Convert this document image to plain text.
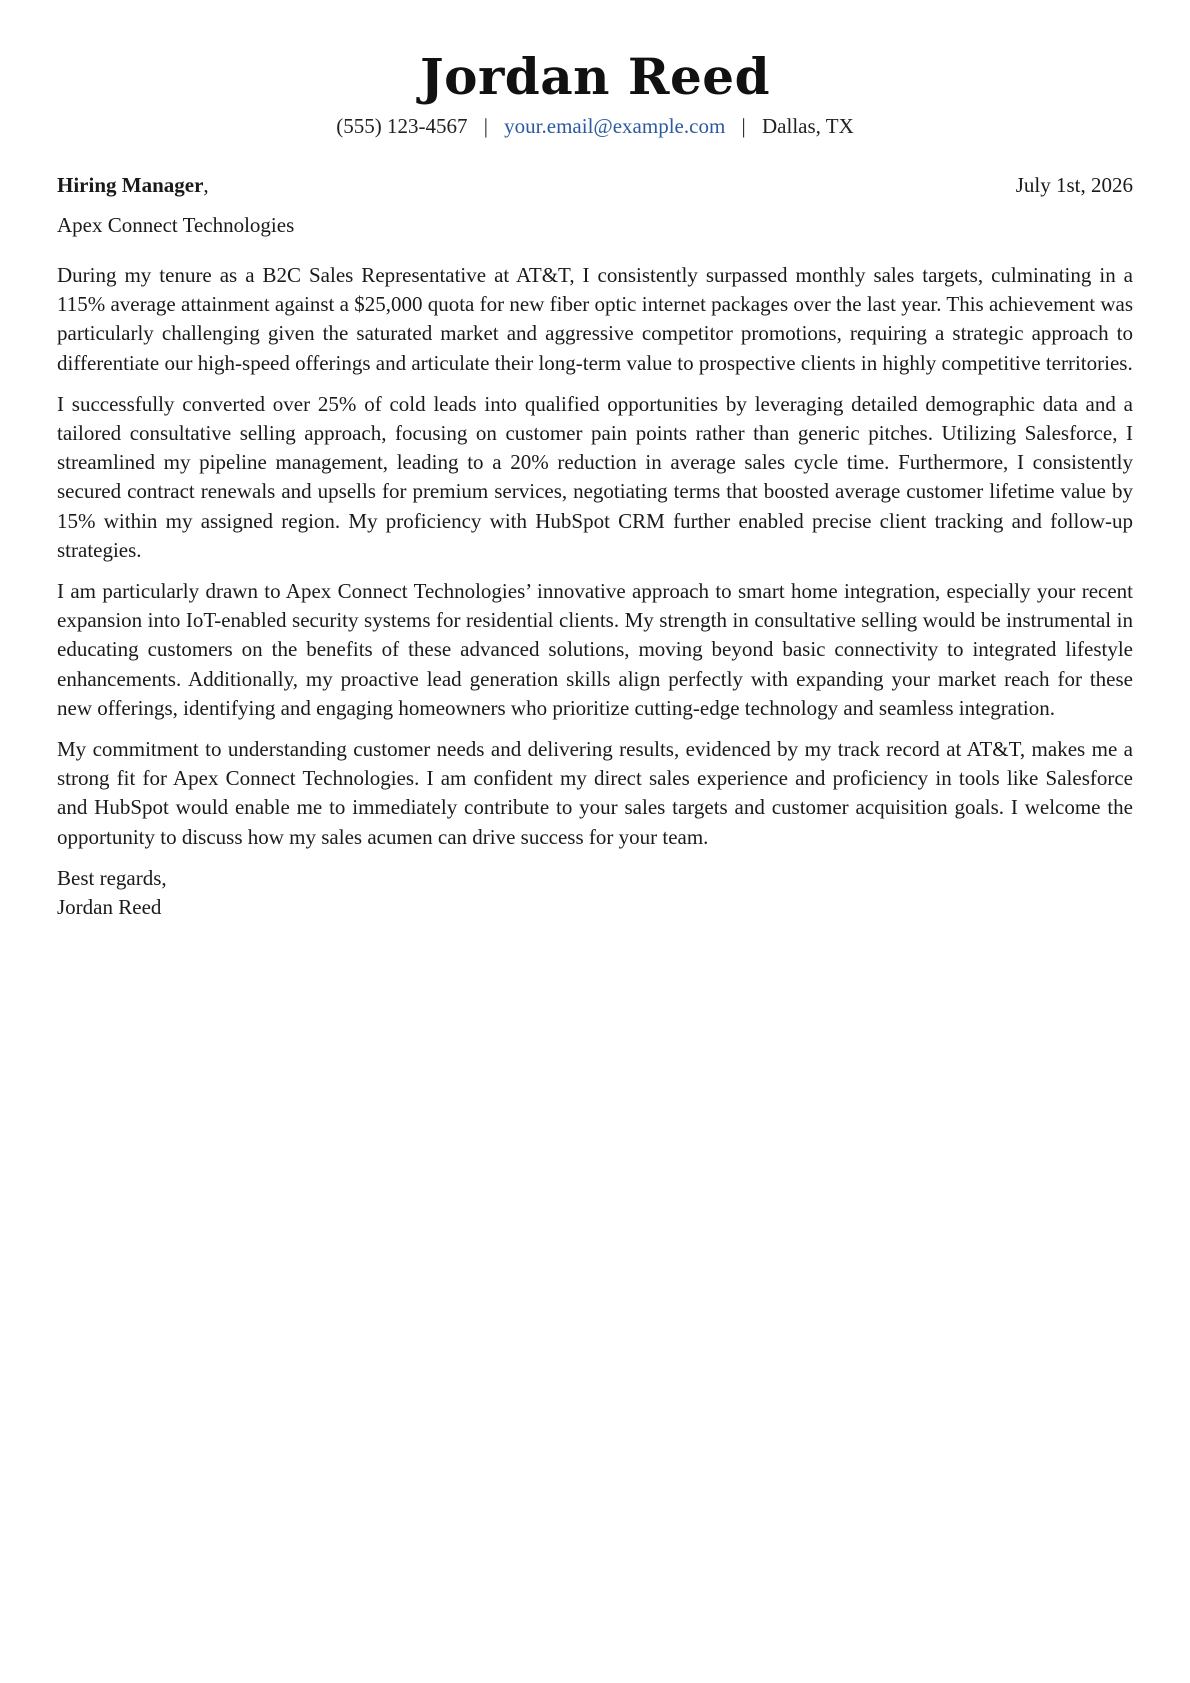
Jordan Reed
(555) 123-4567 | your.email@example.com | Dallas, TX
Hiring Manager,	July 1st, 2026
Apex Connect Technologies

During my tenure as a B2C Sales Representative at AT&T, I consistently surpassed monthly sales targets, culminating in a 115% average attainment against a $25,000 quota for new fiber optic internet packages over the last year. This achievement was particularly challenging given the saturated market and aggressive competitor promotions, requiring a strategic approach to differentiate our high-speed offerings and articulate their long-term value to prospective clients in highly competitive territories.

I successfully converted over 25% of cold leads into qualified opportunities by leveraging detailed demographic data and a tailored consultative selling approach, focusing on customer pain points rather than generic pitches. Utilizing Salesforce, I streamlined my pipeline management, leading to a 20% reduction in average sales cycle time. Furthermore, I consistently secured contract renewals and upsells for premium services, negotiating terms that boosted average customer lifetime value by 15% within my assigned region. My proficiency with HubSpot CRM further enabled precise client tracking and follow-up strategies.

I am particularly drawn to Apex Connect Technologies’ innovative approach to smart home integration, especially your recent expansion into IoT-enabled security systems for residential clients. My strength in consultative selling would be instrumental in educating customers on the benefits of these advanced solutions, moving beyond basic connectivity to integrated lifestyle enhancements. Additionally, my proactive lead generation skills align perfectly with expanding your market reach for these new offerings, identifying and engaging homeowners who prioritize cutting-edge technology and seamless integration.

My commitment to understanding customer needs and delivering results, evidenced by my track record at AT&T, makes me a strong fit for Apex Connect Technologies. I am confident my direct sales experience and proficiency in tools like Salesforce and HubSpot would enable me to immediately contribute to your sales targets and customer acquisition goals. I welcome the opportunity to discuss how my sales acumen can drive success for your team.

Best regards,
Jordan Reed
